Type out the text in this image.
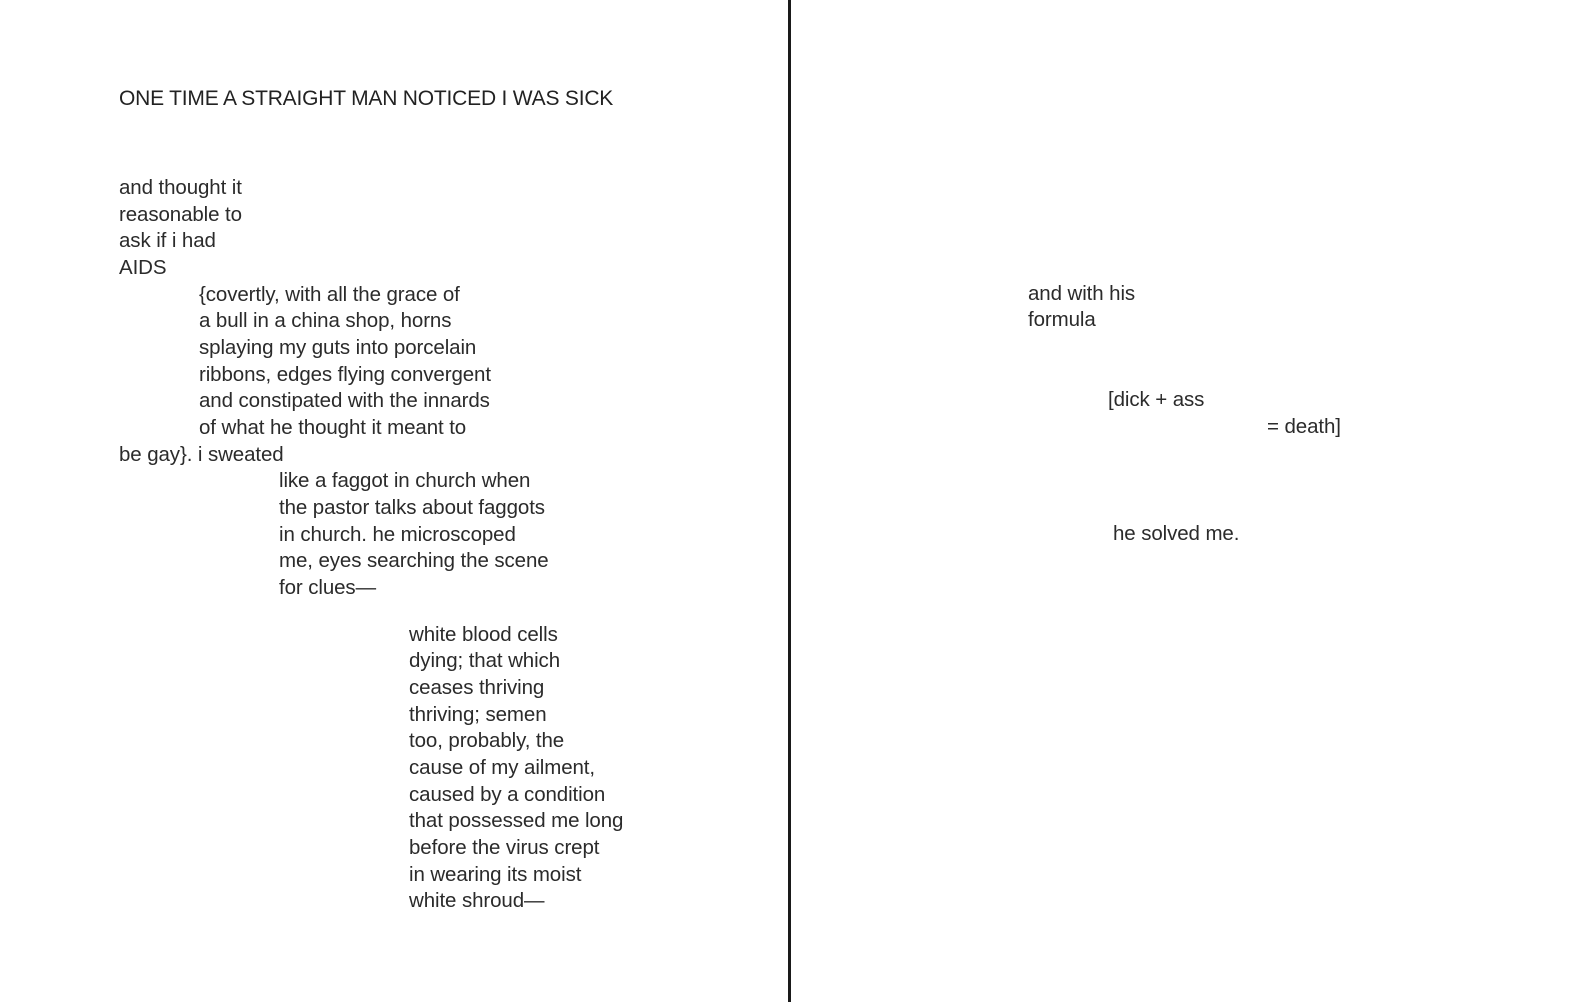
ONE TIME A STRAIGHT MAN NOTICED I WAS SICK
and thought it
reasonable to
ask if i had
AIDS
{covertly, with all the grace of
a bull in a china shop, horns
splaying my guts into porcelain
ribbons, edges flying convergent
and constipated with the innards
of what he thought it meant to
be gay}. i sweated
like a faggot in church when
the pastor talks about faggots
in church. he microscoped
me, eyes searching the scene
for clues—
white blood cells
dying; that which
ceases thriving
thriving; semen
too, probably, the
cause of my ailment,
caused by a condition
that possessed me long
before the virus crept
in wearing its moist
white shroud—
and with his
formula
[dick + ass
= death]
he solved me.
